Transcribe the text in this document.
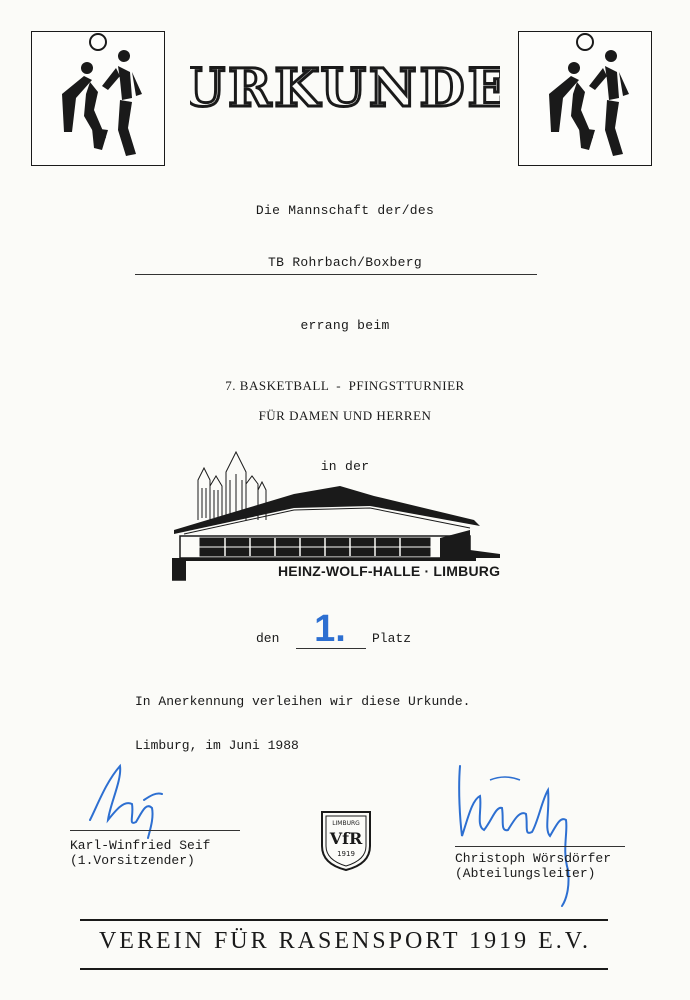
URKUNDE
Die Mannschaft der/des
TB Rohrbach/Boxberg
errang beim
7. BASKETBALL  -  PFINGSTTURNIER
FÜR DAMEN UND HERREN
in der
HEINZ-WOLF-HALLE · LIMBURG
den 1.	Platz
In Anerkennung verleihen wir diese Urkunde.
Limburg, im Juni 1988
Karl-Winfried Seif
(1.Vorsitzender)
LIMBURG
VfR
1919	Christoph Wörsdörfer
(Abteilungsleiter)
VEREIN FÜR RASENSPORT 1919 E.V.
